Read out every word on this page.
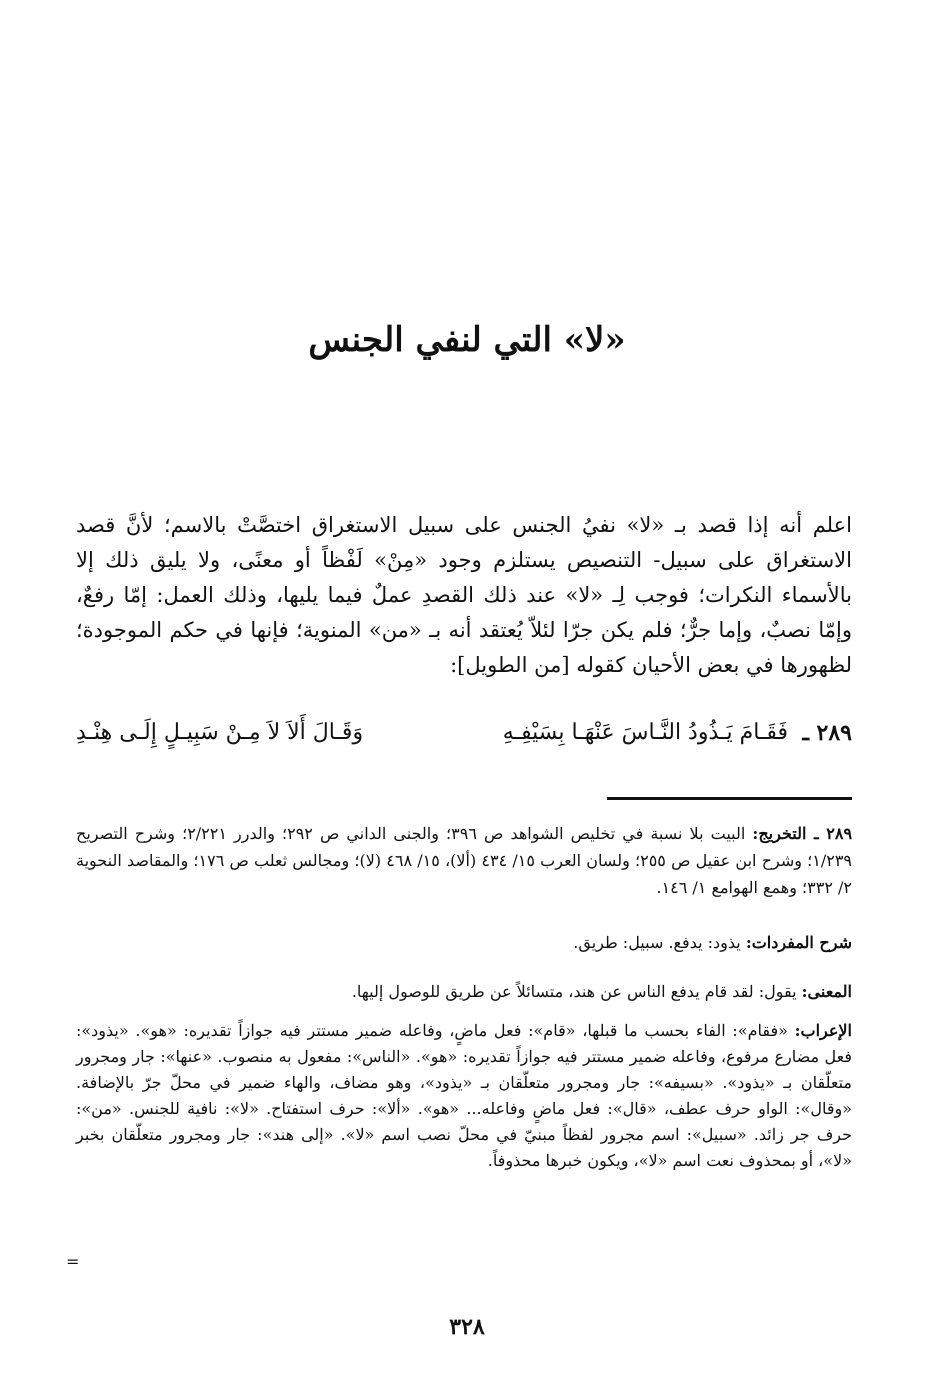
«لا» التي لنفي الجنس

اعلم أنه إذا قصد بـ «لا» نفيُ الجنس على سبيل الاستغراق اختصَّتْ بالاسم؛ لأنَّ قصد الاستغراق على سبيل- التنصيص يستلزم وجود «مِنْ» لَفْظاً أو معنًى، ولا يليق ذلك إلا بالأسماء النكرات؛ فوجب لِـ «لا» عند ذلك القصدِ عملٌ فيما يليها، وذلك العمل: إمّا رفعٌ، وإمّا نصبٌ، وإما جرٌّ؛ فلم يكن جرّا لئلاّ يُعتقد أنه بـ «من» المنوية؛ فإنها في حكم الموجودة؛ لظهورها في بعض الأحيان كقوله [من الطويل]:

٢٨٩ ـ
فَقَـامَ يَـذُودُ النَّـاسَ عَنْهَـا بِسَيْفِـهِ
وَقَـالَ أَلاَ لاَ مِـنْ سَبِيـلٍ إِلَـى هِنْـدِ

٢٨٩ ـ التخريج: البيت بلا نسبة في تخليص الشواهد ص ٣٩٦؛ والجنى الداني ص ٢٩٢؛ والدرر ٢/٢٢١؛ وشرح التصريح ١/٢٣٩؛ وشرح ابن عقيل ص ٢٥٥؛ ولسان العرب ١٥/ ٤٣٤ (ألا)، ١٥/ ٤٦٨ (لا)؛ ومجالس ثعلب ص ١٧٦؛ والمقاصد النحوية ٢/ ٣٣٢؛ وهمع الهوامع ١/ ١٤٦.

شرح المفردات: يذود: يدفع. سبيل: طريق.

المعنى: يقول: لقد قام يدفع الناس عن هند، متسائلاً عن طريق للوصول إليها.

الإعراب: «فقام»: الفاء بحسب ما قبلها، «قام»: فعل ماضٍ، وفاعله ضمير مستتر فيه جوازاً تقديره: «هو». «يذود»: فعل مضارع مرفوع، وفاعله ضمير مستتر فيه جوازاً تقديره: «هو». «الناس»: مفعول به منصوب. «عنها»: جار ومجرور متعلّقان بـ «يذود». «بسيفه»: جار ومجرور متعلّقان بـ «يذود»، وهو مضاف، والهاء ضمير في محلّ جرّ بالإضافة. «وقال»: الواو حرف عطف، «قال»: فعل ماضٍ وفاعله... «هو». «ألا»: حرف استفتاح. «لا»: نافية للجنس. «من»: حرف جر زائد. «سبيل»: اسم مجرور لفظاً مبنيّ في محلّ نصب اسم «لا». «إلى هند»: جار ومجرور متعلّقان بخبر «لا»، أو بمحذوف نعت اسم «لا»، ويكون خبرها محذوفاً.

=
٣٢٨
